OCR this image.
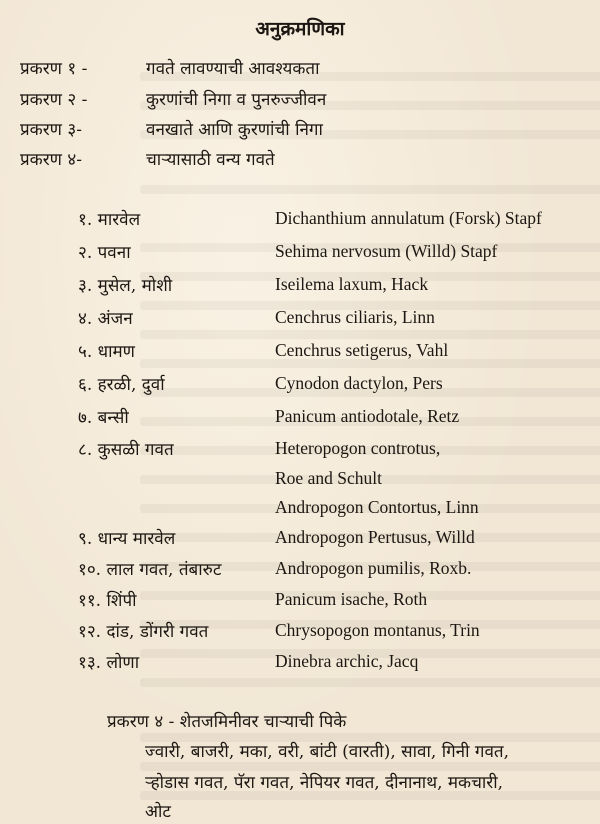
अनुक्रमणिका
प्रकरण १ -	गवते लावण्याची आवश्यकता
प्रकरण २ -	कुरणांची निगा व पुनरुज्जीवन
प्रकरण ३-	वनखाते आणि कुरणांची निगा
प्रकरण ४-	चाऱ्यासाठी वन्य गवते
१. मारवेल	Dichanthium annulatum (Forsk) Stapf
२. पवना	Sehima nervosum (Willd) Stapf
३. मुसेल, मोशी	Iseilema laxum, Hack
४. अंजन	Cenchrus ciliaris, Linn
५. धामण	Cenchrus setigerus, Vahl
६. हरळी, दुर्वा	Cynodon dactylon, Pers
७. बन्सी	Panicum antiodotale, Retz
८. कुसळी गवत	Heteropogon controtus,
Roe and Schult
Andropogon Contortus, Linn
९. धान्य मारवेल	Andropogon Pertusus, Willd
१०. लाल गवत, तंबारुट	Andropogon pumilis, Roxb.
११. शिंपी	Panicum isache, Roth
१२. दांड, डोंगरी गवत	Chrysopogon montanus, Trin
१३. लोणा	Dinebra archic, Jacq
प्रकरण ४ - शेतजमिनीवर चाऱ्याची पिके
ज्वारी, बाजरी, मका, वरी, बांटी (वारती), सावा, गिनी गवत,
ऱ्होडास गवत, पॅरा गवत, नेपियर गवत, दीनानाथ, मकचारी,
ओट
